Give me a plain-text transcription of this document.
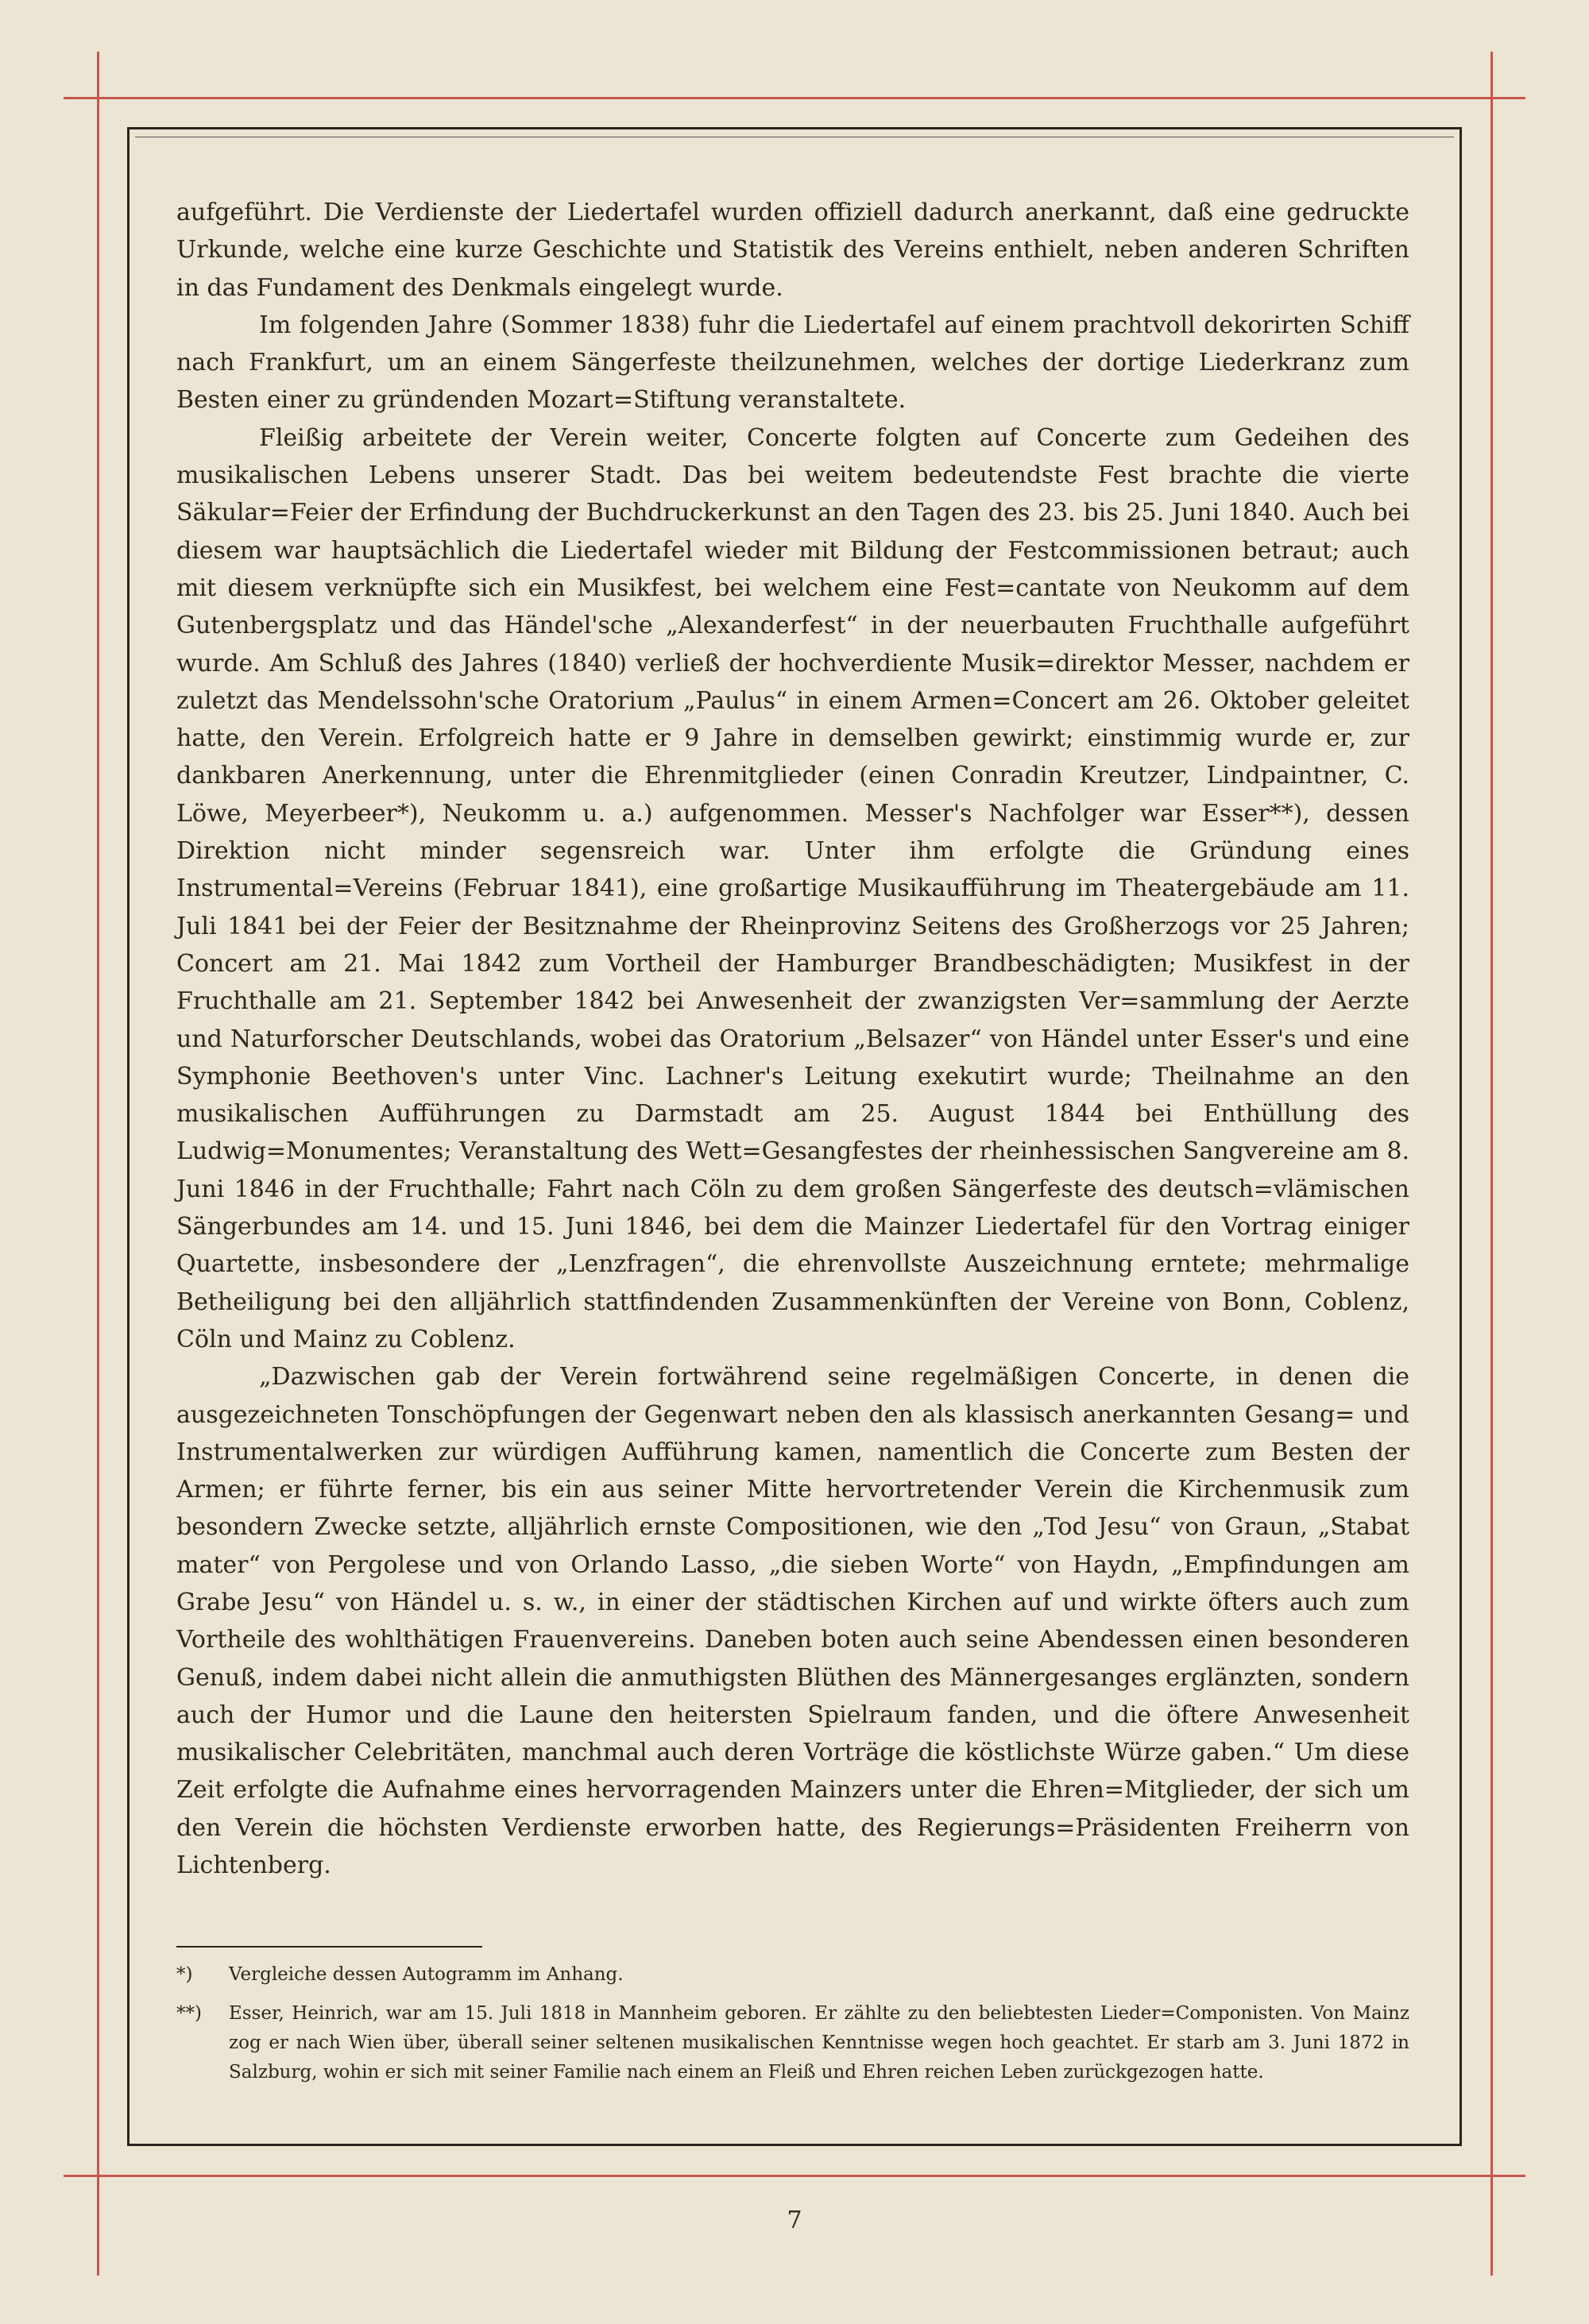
aufgeführt. Die Verdienste der Liedertafel wurden offiziell dadurch anerkannt, daß eine gedruckte Urkunde, welche eine kurze Geschichte und Statistik des Vereins enthielt, neben anderen Schriften in das Fundament des Denkmals eingelegt wurde.

Im folgenden Jahre (Sommer 1838) fuhr die Liedertafel auf einem prachtvoll dekorirten Schiff nach Frankfurt, um an einem Sängerfeste theilzunehmen, welches der dortige Liederkranz zum Besten einer zu gründenden Mozart=Stiftung veranstaltete.

Fleißig arbeitete der Verein weiter, Concerte folgten auf Concerte zum Gedeihen des musikalischen Lebens unserer Stadt. Das bei weitem bedeutendste Fest brachte die vierte Säkular=Feier der Erfindung der Buchdruckerkunst an den Tagen des 23. bis 25. Juni 1840. Auch bei diesem war hauptsächlich die Liedertafel wieder mit Bildung der Festcommissionen betraut; auch mit diesem verknüpfte sich ein Musikfest, bei welchem eine Fest=cantate von Neukomm auf dem Gutenbergsplatz und das Händel'sche „Alexanderfest“ in der neuerbauten Fruchthalle aufgeführt wurde. Am Schluß des Jahres (1840) verließ der hochverdiente Musik=direktor Messer, nachdem er zuletzt das Mendelssohn'sche Oratorium „Paulus“ in einem Armen=Concert am 26. Oktober geleitet hatte, den Verein. Erfolgreich hatte er 9 Jahre in demselben gewirkt; einstimmig wurde er, zur dankbaren Anerkennung, unter die Ehrenmitglieder (einen Conradin Kreutzer, Lindpaintner, C. Löwe, Meyerbeer*), Neukomm u. a.) aufgenommen. Messer's Nachfolger war Esser**), dessen Direktion nicht minder segensreich war. Unter ihm erfolgte die Gründung eines Instrumental=Vereins (Februar 1841), eine großartige Musikaufführung im Theatergebäude am 11. Juli 1841 bei der Feier der Besitznahme der Rheinprovinz Seitens des Großherzogs vor 25 Jahren; Concert am 21. Mai 1842 zum Vortheil der Hamburger Brandbeschädigten; Musikfest in der Fruchthalle am 21. September 1842 bei Anwesenheit der zwanzigsten Ver=sammlung der Aerzte und Naturforscher Deutschlands, wobei das Oratorium „Belsazer“ von Händel unter Esser's und eine Symphonie Beethoven's unter Vinc. Lachner's Leitung exekutirt wurde; Theilnahme an den musikalischen Aufführungen zu Darmstadt am 25. August 1844 bei Enthüllung des Ludwig=Monumentes; Veranstaltung des Wett=Gesangfestes der rheinhessischen Sangvereine am 8. Juni 1846 in der Fruchthalle; Fahrt nach Cöln zu dem großen Sängerfeste des deutsch=vlämischen Sängerbundes am 14. und 15. Juni 1846, bei dem die Mainzer Liedertafel für den Vortrag einiger Quartette, insbesondere der „Lenzfragen“, die ehrenvollste Auszeichnung erntete; mehrmalige Betheiligung bei den alljährlich stattfindenden Zusammenkünften der Vereine von Bonn, Coblenz, Cöln und Mainz zu Coblenz.

„Dazwischen gab der Verein fortwährend seine regelmäßigen Concerte, in denen die ausgezeichneten Tonschöpfungen der Gegenwart neben den als klassisch anerkannten Gesang= und Instrumentalwerken zur würdigen Aufführung kamen, namentlich die Concerte zum Besten der Armen; er führte ferner, bis ein aus seiner Mitte hervortretender Verein die Kirchenmusik zum besondern Zwecke setzte, alljährlich ernste Compositionen, wie den „Tod Jesu“ von Graun, „Stabat mater“ von Pergolese und von Orlando Lasso, „die sieben Worte“ von Haydn, „Empfindungen am Grabe Jesu“ von Händel u. s. w., in einer der städtischen Kirchen auf und wirkte öfters auch zum Vortheile des wohlthätigen Frauenvereins. Daneben boten auch seine Abendessen einen besonderen Genuß, indem dabei nicht allein die anmuthigsten Blüthen des Männergesanges erglänzten, sondern auch der Humor und die Laune den heitersten Spielraum fanden, und die öftere Anwesenheit musikalischer Celebritäten, manchmal auch deren Vorträge die köstlichste Würze gaben.“ Um diese Zeit erfolgte die Aufnahme eines hervorragenden Mainzers unter die Ehren=Mitglieder, der sich um den Verein die höchsten Verdienste erworben hatte, des Regierungs=Präsidenten Freiherrn von Lichtenberg.

*)	Vergleiche dessen Autogramm im Anhang.
**)	Esser, Heinrich, war am 15. Juli 1818 in Mannheim geboren. Er zählte zu den beliebtesten Lieder=Componisten. Von Mainz zog er nach Wien über, überall seiner seltenen musikalischen Kenntnisse wegen hoch geachtet. Er starb am 3. Juni 1872 in Salzburg, wohin er sich mit seiner Familie nach einem an Fleiß und Ehren reichen Leben zurückgezogen hatte.
7
